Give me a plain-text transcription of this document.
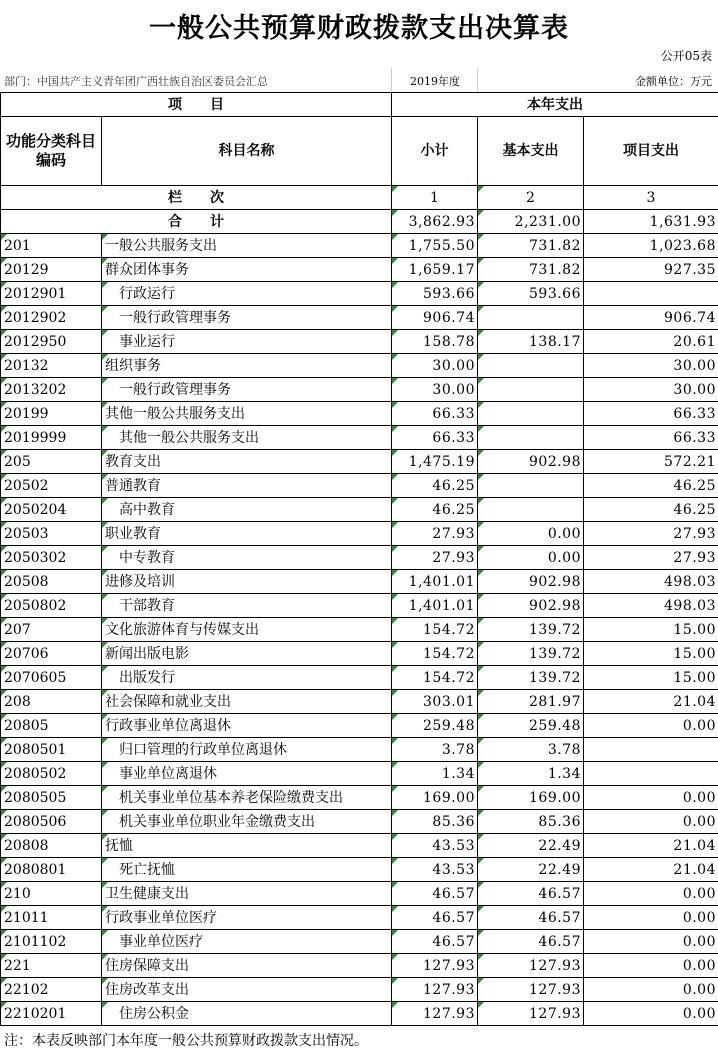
一般公共预算财政拨款支出决算表
公开05表
部门：中国共产主义青年团广西壮族自治区委员会汇总	2019年度	金额单位：万元
项　　目		本年支出		
功能分类科目编码	科目名称	小计	基本支出	项目支出
栏　　次		1	2	3
合　　计		3,862.93	2,231.00	1,631.93
201	一般公共服务支出	1,755.50	731.82	1,023.68
20129	群众团体事务	1,659.17	731.82	927.35
2012901	行政运行	593.66	593.66	
2012902	一般行政管理事务	906.74		906.74
2012950	事业运行	158.78	138.17	20.61
20132	组织事务	30.00		30.00
2013202	一般行政管理事务	30.00		30.00
20199	其他一般公共服务支出	66.33		66.33
2019999	其他一般公共服务支出	66.33		66.33
205	教育支出	1,475.19	902.98	572.21
20502	普通教育	46.25		46.25
2050204	高中教育	46.25		46.25
20503	职业教育	27.93	0.00	27.93
2050302	中专教育	27.93	0.00	27.93
20508	进修及培训	1,401.01	902.98	498.03
2050802	干部教育	1,401.01	902.98	498.03
207	文化旅游体育与传媒支出	154.72	139.72	15.00
20706	新闻出版电影	154.72	139.72	15.00
2070605	出版发行	154.72	139.72	15.00
208	社会保障和就业支出	303.01	281.97	21.04
20805	行政事业单位离退休	259.48	259.48	0.00
2080501	归口管理的行政单位离退休	3.78	3.78	
2080502	事业单位离退休	1.34	1.34	
2080505	机关事业单位基本养老保险缴费支出	169.00	169.00	0.00
2080506	机关事业单位职业年金缴费支出	85.36	85.36	0.00
20808	抚恤	43.53	22.49	21.04
2080801	死亡抚恤	43.53	22.49	21.04
210	卫生健康支出	46.57	46.57	0.00
21011	行政事业单位医疗	46.57	46.57	0.00
2101102	事业单位医疗	46.57	46.57	0.00
221	住房保障支出	127.93	127.93	0.00
22102	住房改革支出	127.93	127.93	0.00
2210201	住房公积金	127.93	127.93	0.00
注：本表反映部门本年度一般公共预算财政拨款支出情况。
